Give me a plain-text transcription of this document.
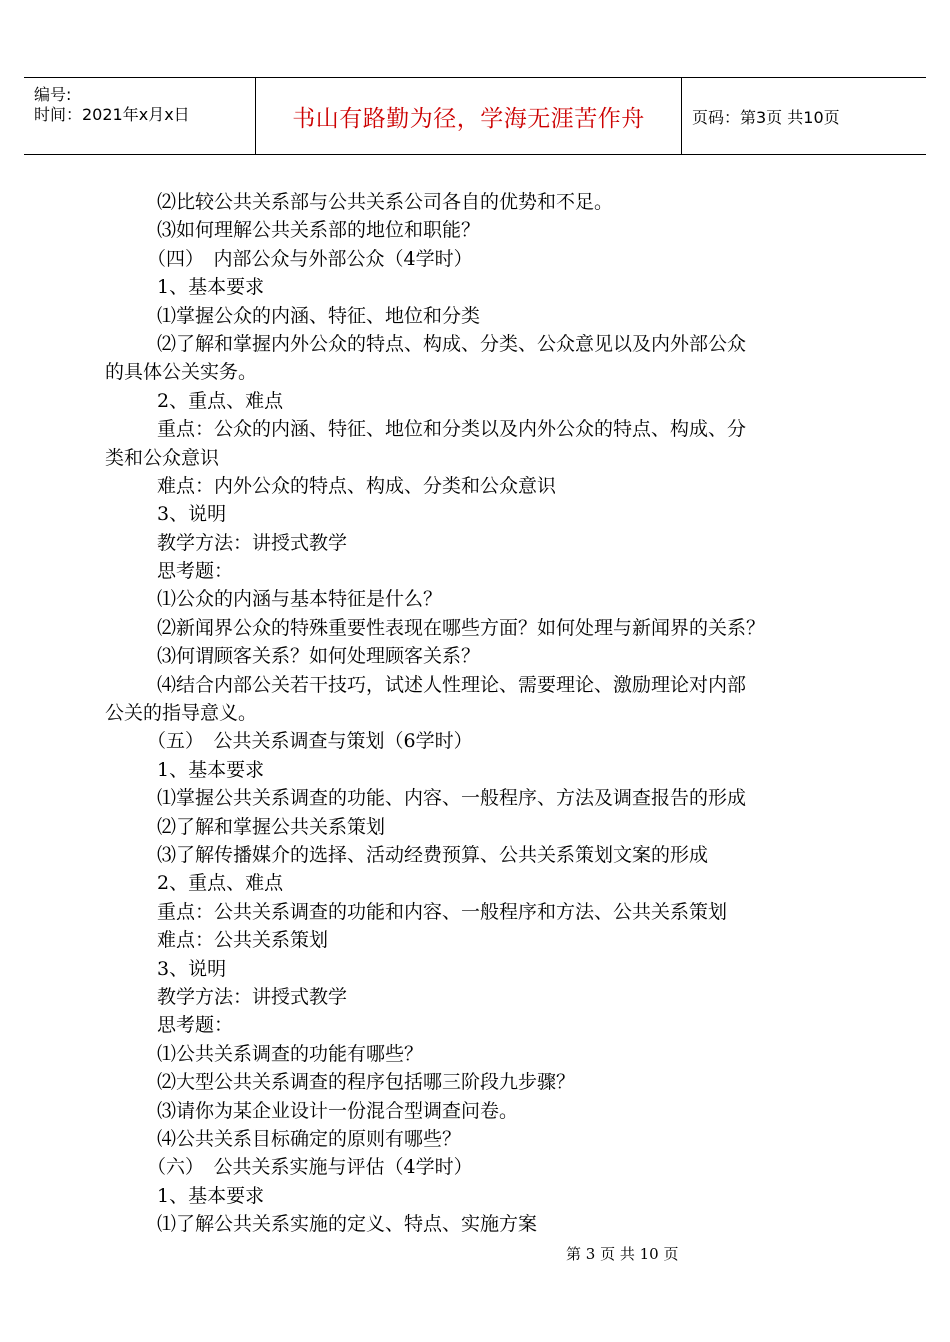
编号:
时间：2021年x月x日	书山有路勤为径，学海无涯苦作舟	页码：第3页 共10页
⑵比较公共关系部与公共关系公司各自的优势和不足。
⑶如何理解公共关系部的地位和职能？
（四）　内部公众与外部公众（4学时）
1、基本要求
⑴掌握公众的内涵、特征、地位和分类
⑵了解和掌握内外公众的特点、构成、分类、公众意见以及内外部公众
的具体公关实务。
2、重点、难点
重点：公众的内涵、特征、地位和分类以及内外公众的特点、构成、分
类和公众意识
难点：内外公众的特点、构成、分类和公众意识
3、说明
教学方法：讲授式教学
思考题：
⑴公众的内涵与基本特征是什么？
⑵新闻界公众的特殊重要性表现在哪些方面？如何处理与新闻界的关系？
⑶何谓顾客关系？如何处理顾客关系？
⑷结合内部公关若干技巧，试述人性理论、需要理论、激励理论对内部
公关的指导意义。
（五）　公共关系调查与策划（6学时）
1、基本要求
⑴掌握公共关系调查的功能、内容、一般程序、方法及调查报告的形成
⑵了解和掌握公共关系策划
⑶了解传播媒介的选择、活动经费预算、公共关系策划文案的形成
2、重点、难点
重点：公共关系调查的功能和内容、一般程序和方法、公共关系策划
难点：公共关系策划
3、说明
教学方法：讲授式教学
思考题：
⑴公共关系调查的功能有哪些？
⑵大型公共关系调查的程序包括哪三阶段九步骤？
⑶请你为某企业设计一份混合型调查问卷。
⑷公共关系目标确定的原则有哪些？
（六）　公共关系实施与评估（4学时）
1、基本要求
⑴了解公共关系实施的定义、特点、实施方案
第 3 页 共 10 页
